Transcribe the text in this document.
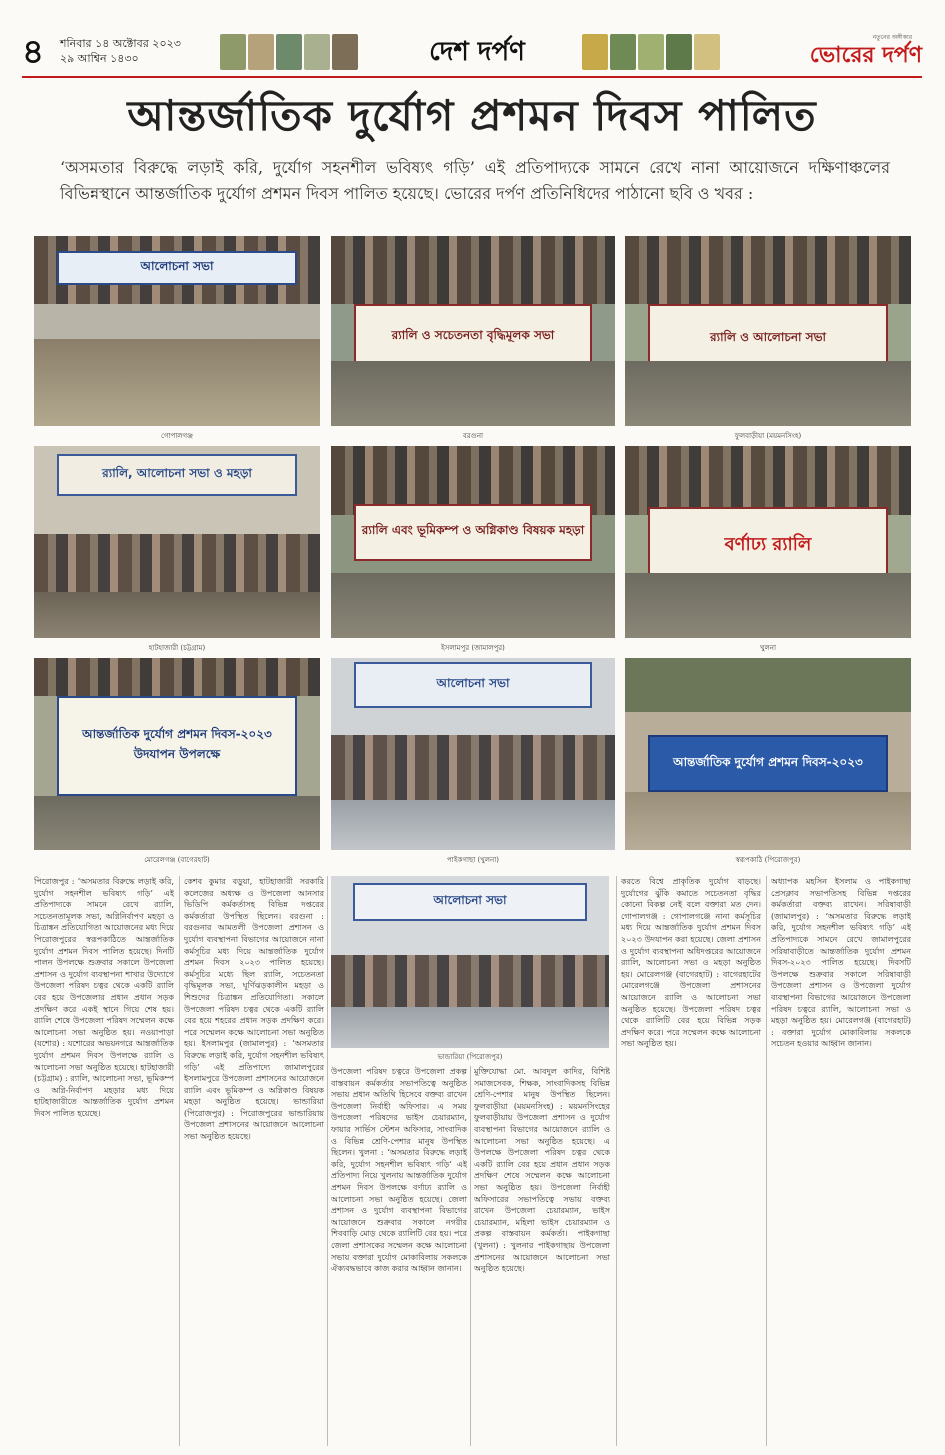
৪	শনিবার ১৪ অক্টোবর ২০২৩
২৯ আশ্বিন ১৪৩০	দেশ দর্পণ	নতুনের অঙ্গীকার
ভোরের দর্পণ
আন্তর্জাতিক দুর্যোগ প্রশমন দিবস পালিত
‘অসমতার বিরুদ্ধে লড়াই করি, দুর্যোগ সহনশীল ভবিষ্যৎ গড়ি’ এই প্রতিপাদ্যকে সামনে রেখে নানা আয়োজনে দক্ষিণাঞ্চলের বিভিন্নস্থানে আন্তর্জাতিক দুর্যোগ প্রশমন দিবস পালিত হয়েছে। ভোরের দর্পণ প্রতিনিধিদের পাঠানো ছবি ও খবর :
আলোচনা সভা
গোপালগঞ্জ
র‍্যালি ও সচেতনতা বৃদ্ধিমূলক সভা
বরগুনা
র‍্যালি ও আলোচনা সভা
ফুলবাড়ীয়া (ময়মনসিংহ)
র‍্যালি, আলোচনা সভা ও মহড়া
হাটহাজারী (চট্টগ্রাম)
র‍্যালি এবং ভূমিকম্প ও অগ্নিকাণ্ড বিষয়ক মহড়া
ইসলামপুর (জামালপুর)
বর্ণাঢ্য র‍্যালি
খুলনা
আন্তর্জাতিক দুর্যোগ প্রশমন দিবস-২০২৩ উদযাপন উপলক্ষে
মোরেলগঞ্জ (বাগেরহাট)
আলোচনা সভা
পাইকগাছা (খুলনা)
আন্তর্জাতিক দুর্যোগ প্রশমন দিবস-২০২৩
স্বরূপকাঠি (পিরোজপুর)
আলোচনা সভা
ভান্ডারিয়া (পিরোজপুর)
পিরোজপুর : ‘অসমতার বিরুদ্ধে লড়াই করি, দুর্যোগ সহনশীল ভবিষ্যৎ গড়ি’ এই প্রতিপাদ্যকে সামনে রেখে র‍্যালি, সচেতনতামূলক সভা, অগ্নিনির্বাপণ মহড়া ও চিত্রাঙ্কন প্রতিযোগিতা আয়োজনের মধ্য দিয়ে পিরোজপুরের স্বরূপকাঠিতে আন্তর্জাতিক দুর্যোগ প্রশমন দিবস পালিত হয়েছে। দিনটি পালন উপলক্ষে শুক্রবার সকালে উপজেলা প্রশাসন ও দুর্যোগ ব্যবস্থাপনা শাখার উদ্যোগে উপজেলা পরিষদ চত্বর থেকে একটি র‍্যালি বের হয়ে উপজেলার প্রধান প্রধান সড়ক প্রদক্ষিণ করে একই স্থানে গিয়ে শেষ হয়। র‍্যালি শেষে উপজেলা পরিষদ সম্মেলন কক্ষে আলোচনা সভা অনুষ্ঠিত হয়। নওয়াপাড়া (যশোর) : যশোরের অভয়নগরে আন্তর্জাতিক দুর্যোগ প্রশমন দিবস উপলক্ষে র‍্যালি ও আলোচনা সভা অনুষ্ঠিত হয়েছে। হাটহাজারী (চট্টগ্রাম) : র‍্যালি, আলোচনা সভা, ভূমিকম্প ও অগ্নি-নির্বাপণ মহড়ার মধ্য দিয়ে হাটহাজারীতে আন্তর্জাতিক দুর্যোগ প্রশমন দিবস পালিত হয়েছে।
কেশব কুমার বড়ুয়া, হাটহাজারী সরকারি কলেজের অধ্যক্ষ ও উপজেলা আনসার ভিডিপি কর্মকর্তাসহ বিভিন্ন দপ্তরের কর্মকর্তারা উপস্থিত ছিলেন। বরগুনা : বরগুনার আমতলী উপজেলা প্রশাসন ও দুর্যোগ ব্যবস্থাপনা বিভাগের আয়োজনে নানা কর্মসূচির মধ্য দিয়ে আন্তর্জাতিক দুর্যোগ প্রশমন দিবস ২০২৩ পালিত হয়েছে। কর্মসূচির মধ্যে ছিল র‍্যালি, সচেতনতা বৃদ্ধিমূলক সভা, ঘূর্ণিঝড়কালীন মহড়া ও শিশুদের চিত্রাঙ্কন প্রতিযোগিতা। সকালে উপজেলা পরিষদ চত্বর থেকে একটি র‍্যালি বের হয়ে শহরের প্রধান সড়ক প্রদক্ষিণ করে। পরে সম্মেলন কক্ষে আলোচনা সভা অনুষ্ঠিত হয়। ইসলামপুর (জামালপুর) : ‘অসমতার বিরুদ্ধে লড়াই করি, দুর্যোগ সহনশীল ভবিষ্যৎ গড়ি’ এই প্রতিপাদ্যে জামালপুরের ইসলামপুরে উপজেলা প্রশাসনের আয়োজনে র‍্যালি এবং ভূমিকম্প ও অগ্নিকাণ্ড বিষয়ক মহড়া অনুষ্ঠিত হয়েছে। ভান্ডারিয়া (পিরোজপুর) : পিরোজপুরের ভান্ডারিয়ায় উপজেলা প্রশাসনের আয়োজনে আলোচনা সভা অনুষ্ঠিত হয়েছে।
উপজেলা পরিষদ চত্বরে উপজেলা প্রকল্প বাস্তবায়ন কর্মকর্তার সভাপতিত্বে অনুষ্ঠিত সভায় প্রধান অতিথি হিসেবে বক্তব্য রাখেন উপজেলা নির্বাহী অফিসার। এ সময় উপজেলা পরিষদের ভাইস চেয়ারম্যান, ফায়ার সার্ভিস স্টেশন অফিসার, সাংবাদিক ও বিভিন্ন শ্রেণি-পেশার মানুষ উপস্থিত ছিলেন। খুলনা : ‘অসমতার বিরুদ্ধে লড়াই করি, দুর্যোগ সহনশীল ভবিষ্যৎ গড়ি’ এই প্রতিপাদ্য নিয়ে খুলনায় আন্তর্জাতিক দুর্যোগ প্রশমন দিবস উপলক্ষে বর্ণাঢ্য র‍্যালি ও আলোচনা সভা অনুষ্ঠিত হয়েছে। জেলা প্রশাসন ও দুর্যোগ ব্যবস্থাপনা বিভাগের আয়োজনে শুক্রবার সকালে নগরীর শিববাড়ি মোড় থেকে র‍্যালিটি বের হয়। পরে জেলা প্রশাসকের সম্মেলন কক্ষে আলোচনা সভায় বক্তারা দুর্যোগ মোকাবিলায় সকলকে ঐক্যবদ্ধভাবে কাজ করার আহ্বান জানান।
মুক্তিযোদ্ধা মো. আবদুল কাদির, বিশিষ্ট সমাজসেবক, শিক্ষক, সাংবাদিকসহ বিভিন্ন শ্রেণি-পেশার মানুষ উপস্থিত ছিলেন। ফুলবাড়ীয়া (ময়মনসিংহ) : ময়মনসিংহের ফুলবাড়ীয়ায় উপজেলা প্রশাসন ও দুর্যোগ ব্যবস্থাপনা বিভাগের আয়োজনে র‍্যালি ও আলোচনা সভা অনুষ্ঠিত হয়েছে। এ উপলক্ষে উপজেলা পরিষদ চত্বর থেকে একটি র‍্যালি বের হয়ে প্রধান প্রধান সড়ক প্রদক্ষিণ শেষে সম্মেলন কক্ষে আলোচনা সভা অনুষ্ঠিত হয়। উপজেলা নির্বাহী অফিসারের সভাপতিত্বে সভায় বক্তব্য রাখেন উপজেলা চেয়ারম্যান, ভাইস চেয়ারম্যান, মহিলা ভাইস চেয়ারম্যান ও প্রকল্প বাস্তবায়ন কর্মকর্তা। পাইকগাছা (খুলনা) : খুলনার পাইকগাছায় উপজেলা প্রশাসনের আয়োজনে আলোচনা সভা অনুষ্ঠিত হয়েছে।
করতে বিশ্বে প্রাকৃতিক দুর্যোগ বাড়ছে। দুর্যোগের ঝুঁকি কমাতে সচেতনতা বৃদ্ধির কোনো বিকল্প নেই বলে বক্তারা মত দেন। গোপালগঞ্জ : গোপালগঞ্জে নানা কর্মসূচির মধ্য দিয়ে আন্তর্জাতিক দুর্যোগ প্রশমন দিবস ২০২৩ উদযাপন করা হয়েছে। জেলা প্রশাসন ও দুর্যোগ ব্যবস্থাপনা অধিদপ্তরের আয়োজনে র‍্যালি, আলোচনা সভা ও মহড়া অনুষ্ঠিত হয়। মোরেলগঞ্জ (বাগেরহাট) : বাগেরহাটের মোরেলগঞ্জে উপজেলা প্রশাসনের আয়োজনে র‍্যালি ও আলোচনা সভা অনুষ্ঠিত হয়েছে। উপজেলা পরিষদ চত্বর থেকে র‍্যালিটি বের হয়ে বিভিন্ন সড়ক প্রদক্ষিণ করে। পরে সম্মেলন কক্ষে আলোচনা সভা অনুষ্ঠিত হয়।
অধ্যাপক মহসিন ইসলাম ও পাইকগাছা প্রেসক্লাব সভাপতিসহ বিভিন্ন দপ্তরের কর্মকর্তারা বক্তব্য রাখেন। সরিষাবাড়ী (জামালপুর) : ‘অসমতার বিরুদ্ধে লড়াই করি, দুর্যোগ সহনশীল ভবিষ্যৎ গড়ি’ এই প্রতিপাদ্যকে সামনে রেখে জামালপুরের সরিষাবাড়ীতে আন্তর্জাতিক দুর্যোগ প্রশমন দিবস-২০২৩ পালিত হয়েছে। দিবসটি উপলক্ষে শুক্রবার সকালে সরিষাবাড়ী উপজেলা প্রশাসন ও উপজেলা দুর্যোগ ব্যবস্থাপনা বিভাগের আয়োজনে উপজেলা পরিষদ চত্বরে র‍্যালি, আলোচনা সভা ও মহড়া অনুষ্ঠিত হয়। মোরেলগঞ্জ (বাগেরহাট) : বক্তারা দুর্যোগ মোকাবিলায় সকলকে সচেতন হওয়ার আহ্বান জানান।
